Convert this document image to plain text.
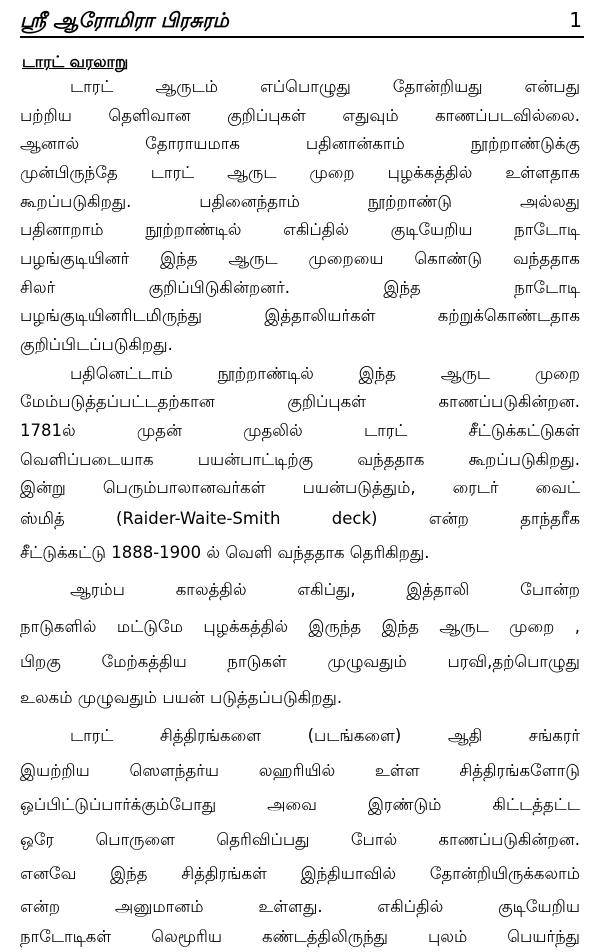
ஸ்ரீ ஆரோமிரா பிரசுரம்	1
டாரட் வரலாறு
டாரட் ஆருடம் எப்பொழுது தோன்றியது என்பது
பற்றிய தெளிவான குறிப்புகள் எதுவும் காணப்படவில்லை.
ஆனால் தோராயமாக பதினான்காம் நூற்றாண்டுக்கு
முன்பிருந்தே டாரட் ஆருட முறை புழக்கத்தில் உள்ளதாக
கூறப்படுகிறது. பதினைந்தாம் நூற்றாண்டு அல்லது
பதினாறாம் நூற்றாண்டில் எகிப்தில் குடியேறிய நாடோடி
பழங்குடியினர் இந்த ஆருட முறையை கொண்டு வந்ததாக
சிலர் குறிப்பிடுகின்றனர். இந்த நாடோடி
பழங்குடியினரிடமிருந்து இத்தாலியர்கள் கற்றுக்கொண்டதாக
குறிப்பிடப்படுகிறது.
பதினெட்டாம் நூற்றாண்டில் இந்த ஆருட முறை
மேம்படுத்தப்பட்டதற்கான குறிப்புகள் காணப்படுகின்றன.
1781ல் முதன் முதலில் டாரட் சீட்டுக்கட்டுகள்
வெளிப்படையாக பயன்பாட்டிற்கு வந்ததாக கூறப்படுகிறது.
இன்று பெரும்பாலானவர்கள் பயன்படுத்தும், ரைடர் வைட்
ஸ்மித் (Raider-Waite-Smith deck) என்ற தாந்தரீக
சீட்டுக்கட்டு 1888-1900 ல் வெளி வந்ததாக தெரிகிறது.
ஆரம்ப காலத்தில் எகிப்து, இத்தாலி போன்ற
நாடுகளில் மட்டுமே புழக்கத்தில் இருந்த இந்த ஆருட முறை ,
பிறகு மேற்கத்திய நாடுகள் முழுவதும் பரவி,தற்பொழுது
உலகம் முழுவதும் பயன் படுத்தப்படுகிறது.
டாரட் சித்திரங்களை (படங்களை) ஆதி சங்கரர்
இயற்றிய ஸௌந்தர்ய லஹரியில் உள்ள சித்திரங்களோடு
ஒப்பிட்டுப்பார்க்கும்போது அவை இரண்டும் கிட்டத்தட்ட
ஒரே பொருளை தெரிவிப்பது போல் காணப்படுகின்றன.
எனவே இந்த சித்திரங்கள் இந்தியாவில் தோன்றியிருக்கலாம்
என்ற அனுமானம் உள்ளது. எகிப்தில் குடியேறிய
நாடோடிகள் லெமூரிய கண்டத்திலிருந்து புலம் பெயர்ந்து
